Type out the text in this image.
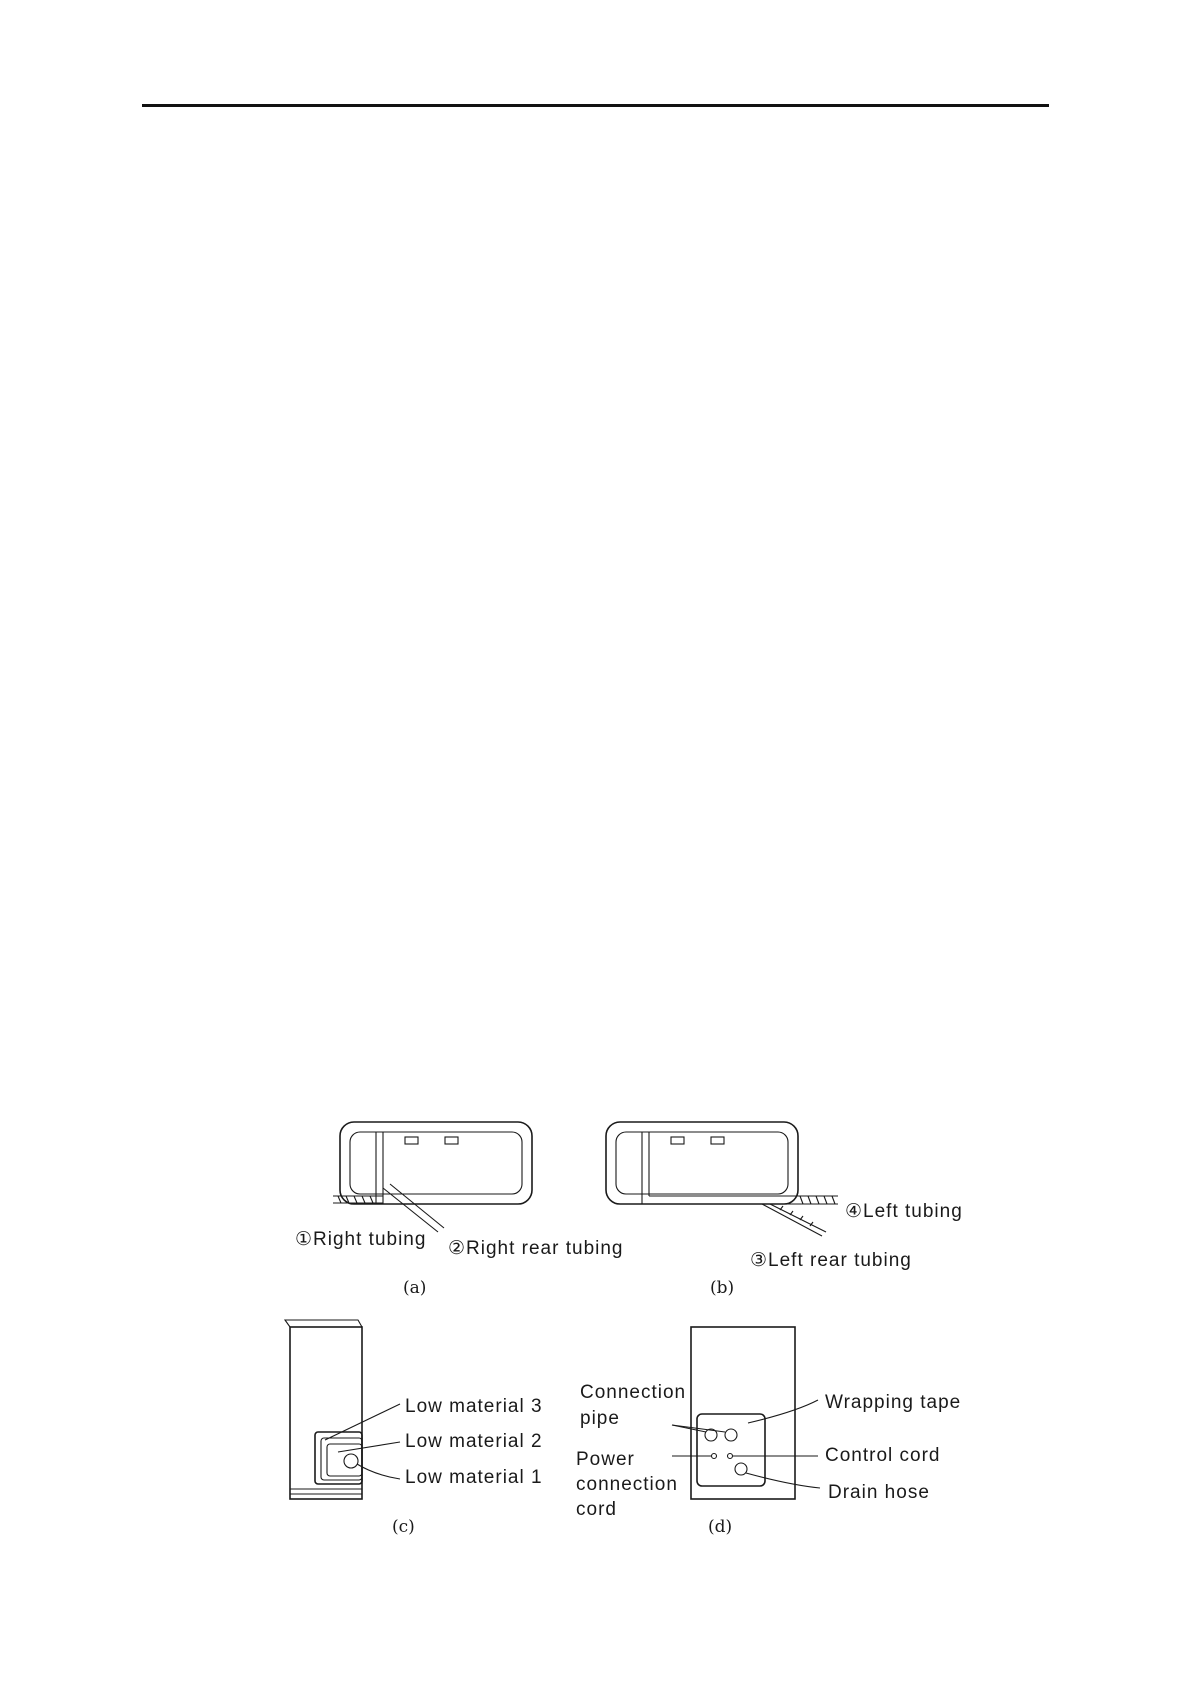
①Right tubing ②Right rear tubing
(a)
④Left tubing
③Left rear tubing
(b)
Low material 3
Low material 2
Low material 1
(c)
Connection
pipe
Power
connection
cord
Wrapping tape
Control cord
Drain hose
(d)
